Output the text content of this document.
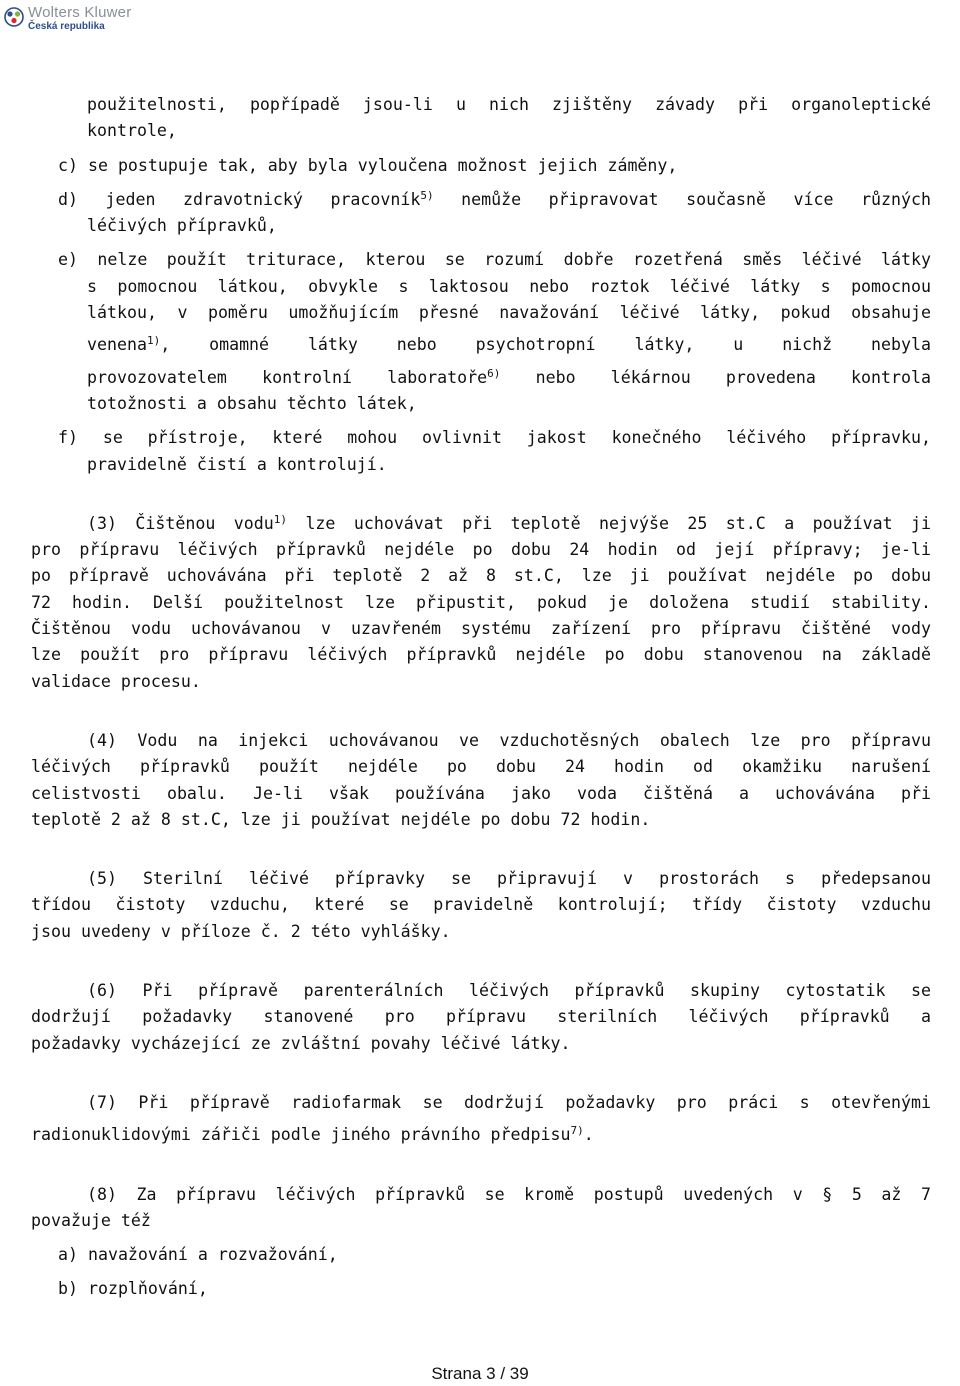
Wolters Kluwer
Česká republika
použitelnosti, popřípadě jsou-li u nich zjištěny závady při organoleptické
kontrole,
c) se postupuje tak, aby byla vyloučena možnost jejich záměny,
d) jeden zdravotnický pracovník$^{5)}$ nemůže připravovat současně více různých
léčivých přípravků,
e) nelze použít triturace, kterou se rozumí dobře rozetřená směs léčivé látky
s pomocnou látkou, obvykle s laktosou nebo roztok léčivé látky s pomocnou
látkou, v poměru umožňujícím přesné navažování léčivé látky, pokud obsahuje
venena$^{1)}$, omamné látky nebo psychotropní látky, u nichž nebyla
provozovatelem kontrolní laboratoře$^{6)}$ nebo lékárnou provedena kontrola
totožnosti a obsahu těchto látek,
f) se přístroje, které mohou ovlivnit jakost konečného léčivého přípravku,
pravidelně čistí a kontrolují.
(3) Čištěnou vodu$^{1)}$ lze uchovávat při teplotě nejvýše 25 st.C a používat ji
pro přípravu léčivých přípravků nejdéle po dobu 24 hodin od její přípravy; je-li
po přípravě uchovávána při teplotě 2 až 8 st.C, lze ji používat nejdéle po dobu
72 hodin. Delší použitelnost lze připustit, pokud je doložena studií stability.
Čištěnou vodu uchovávanou v uzavřeném systému zařízení pro přípravu čištěné vody
lze použít pro přípravu léčivých přípravků nejdéle po dobu stanovenou na základě
validace procesu.
(4) Vodu na injekci uchovávanou ve vzduchotěsných obalech lze pro přípravu
léčivých přípravků použít nejdéle po dobu 24 hodin od okamžiku narušení
celistvosti obalu. Je-li však používána jako voda čištěná a uchovávána při
teplotě 2 až 8 st.C, lze ji používat nejdéle po dobu 72 hodin.
(5) Sterilní léčivé přípravky se připravují v prostorách s předepsanou
třídou čistoty vzduchu, které se pravidelně kontrolují; třídy čistoty vzduchu
jsou uvedeny v příloze č. 2 této vyhlášky.
(6) Při přípravě parenterálních léčivých přípravků skupiny cytostatik se
dodržují požadavky stanovené pro přípravu sterilních léčivých přípravků a
požadavky vycházející ze zvláštní povahy léčivé látky.
(7) Při přípravě radiofarmak se dodržují požadavky pro práci s otevřenými
radionuklidovými zářiči podle jiného právního předpisu$^{7)}$.
(8) Za přípravu léčivých přípravků se kromě postupů uvedených v § 5 až 7
považuje též
a) navažování a rozvažování,
b) rozplňování,
Strana 3 / 39
